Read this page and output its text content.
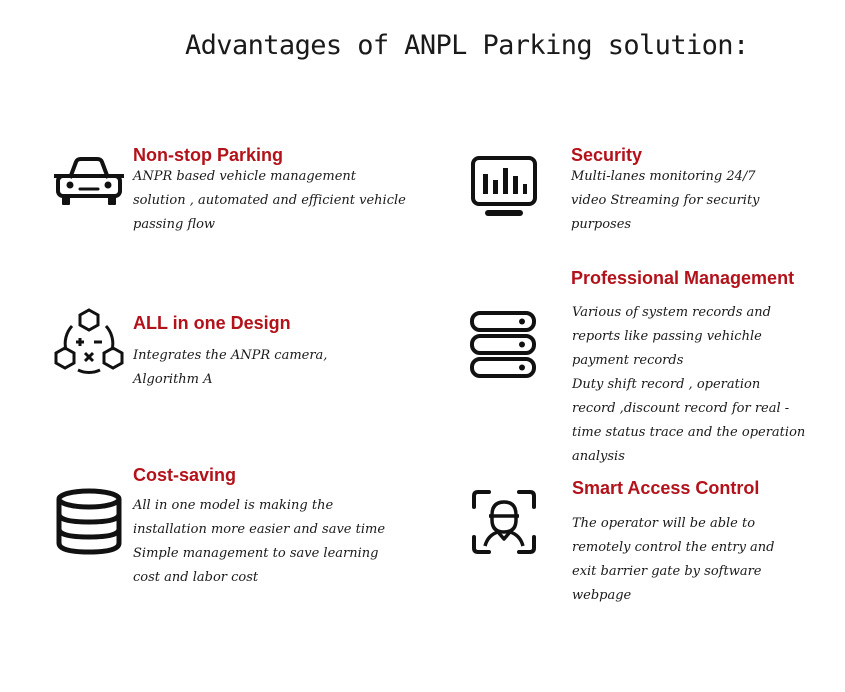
Advantages of ANPL Parking solution:
Non-stop Parking
ANPR based vehicle management
solution , automated and efficient vehicle
passing flow
ALL in one Design
Integrates the ANPR camera,
Algorithm A
Cost-saving
All in one model is making the
installation more easier and save time
Simple management to save learning
cost and labor cost
Security
Multi-lanes monitoring 24/7
video Streaming for security
purposes
Professional Management
Various of system records and
reports like passing vehichle
payment records
Duty shift record , operation
record ,discount record for real -
time status trace and the operation
analysis
Smart Access Control
The operator will be able to
remotely control the entry and
exit barrier gate by software
webpage
